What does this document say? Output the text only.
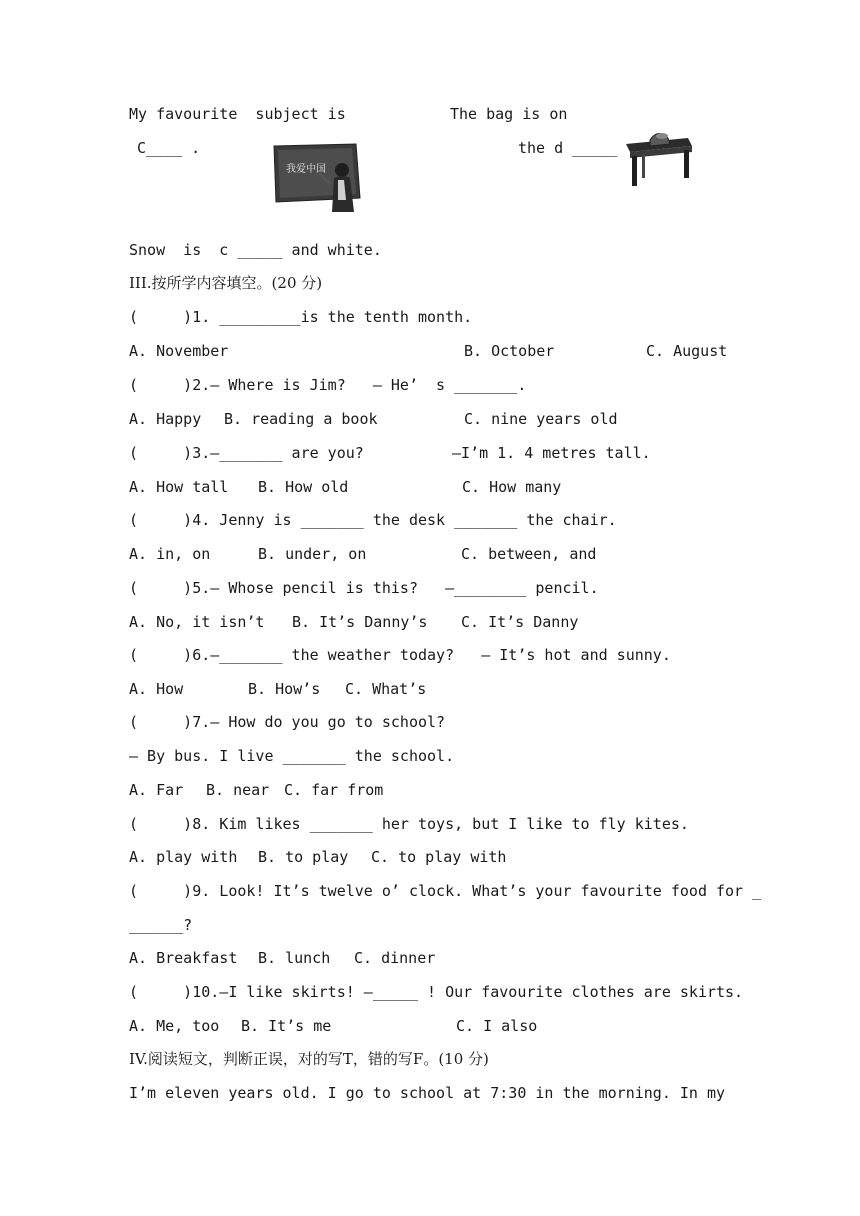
My favourite  subject is
C____ .
我爱中国
The bag is on
the d _____
Snow  is  c _____ and white.
III.按所学内容填空。(20 分)
(     )1. _________is the tenth month.
A. November	B. October	C. August
(     )2.— Where is Jim?   — He’  s _______.
A. Happy B. reading a book	C. nine years old
(     )3.—_______ are you?	—I’m 1. 4 metres tall.
A. How tall B. How old	C. How many
(     )4. Jenny is _______ the desk _______ the chair.
A. in, on	B. under, on	C. between, and
(     )5.— Whose pencil is this?   —________ pencil.
A. No, it isn’t B. It’s Danny’s C. It’s Danny
(     )6.—_______ the weather today?   — It’s hot and sunny.
A. How	B. How’s C. What’s
(     )7.— How do you go to school?
— By bus. I live _______ the school.
A. Far B. near C. far from
(     )8. Kim likes _______ her toys, but I like to fly kites.
A. play with B. to play C. to play with
(     )9. Look! It’s twelve o’ clock. What’s your favourite food for _
______?
A. Breakfast B. lunch C. dinner
(     )10.—I like skirts! —_____ ! Our favourite clothes are skirts.
A. Me, too B. It’s me	C. I also
IV.阅读短文，判断正误，对的写T，错的写F。(10 分)
I’m eleven years old. I go to school at 7:30 in the morning. In my
